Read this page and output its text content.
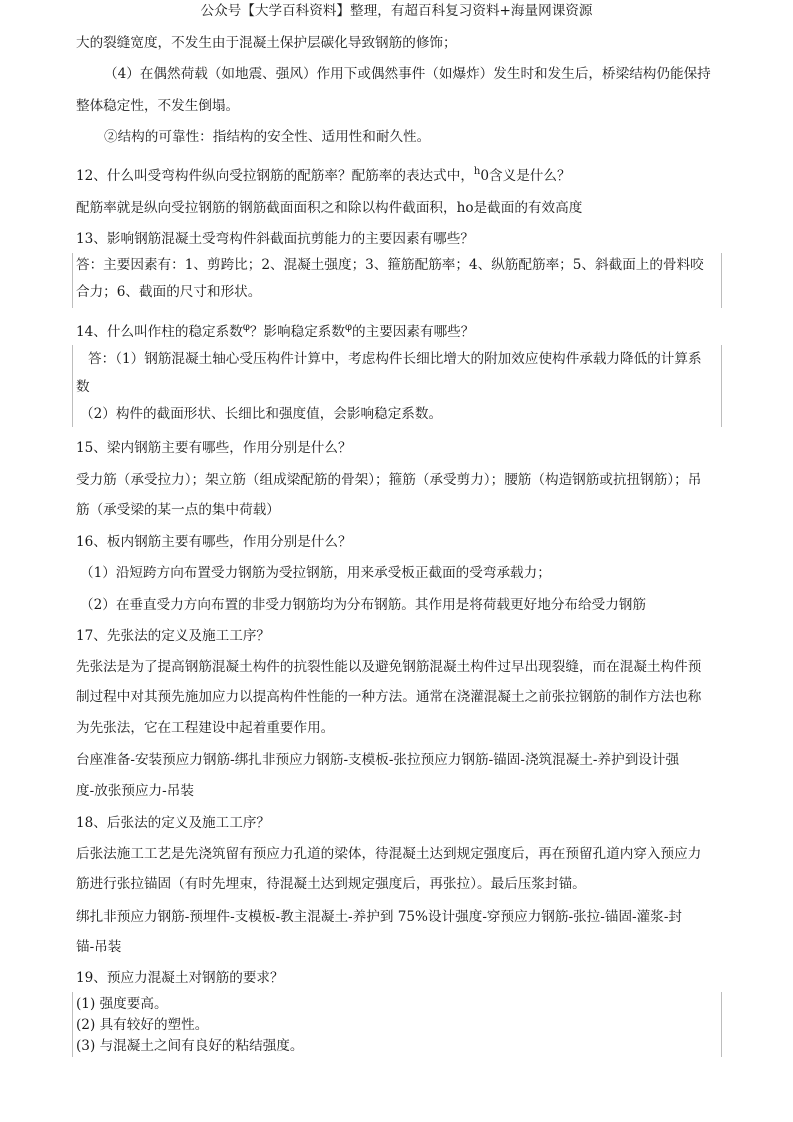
公众号【大学百科资料】整理，有超百科复习资料+海量网课资源
大的裂缝宽度，不发生由于混凝土保护层碳化导致钢筋的修饰；
（4）在偶然荷载（如地震、强风）作用下或偶然事件（如爆炸）发生时和发生后，桥梁结构仍能保持
整体稳定性，不发生倒塌。
②结构的可靠性：指结构的安全性、适用性和耐久性。
12、什么叫受弯构件纵向受拉钢筋的配筋率？配筋率的表达式中，$^h$0含义是什么？
配筋率就是纵向受拉钢筋的钢筋截面面积之和除以构件截面积，ho是截面的有效高度
13、影响钢筋混凝土受弯构件斜截面抗剪能力的主要因素有哪些？
答：主要因素有：1、剪跨比；2、混凝土强度；3、箍筋配筋率；4、纵筋配筋率；5、斜截面上的骨料咬
合力；6、截面的尺寸和形状。
14、什么叫作柱的稳定系数$^\varphi$？影响稳定系数$^\varphi$的主要因素有哪些？
答：（1）钢筋混凝土轴心受压构件计算中，考虑构件长细比增大的附加效应使构件承载力降低的计算系
数
（2）构件的截面形状、长细比和强度值，会影响稳定系数。
15、梁内钢筋主要有哪些，作用分别是什么？
受力筋（承受拉力）；架立筋（组成梁配筋的骨架）；箍筋（承受剪力）；腰筋（构造钢筋或抗扭钢筋）；吊
筋（承受梁的某一点的集中荷载）
16、板内钢筋主要有哪些，作用分别是什么？
（1）沿短跨方向布置受力钢筋为受拉钢筋，用来承受板正截面的受弯承载力；
（2）在垂直受力方向布置的非受力钢筋均为分布钢筋。其作用是将荷载更好地分布给受力钢筋
17、先张法的定义及施工工序？
先张法是为了提高钢筋混凝土构件的抗裂性能以及避免钢筋混凝土构件过早出现裂缝，而在混凝土构件预
制过程中对其预先施加应力以提高构件性能的一种方法。通常在浇灌混凝土之前张拉钢筋的制作方法也称
为先张法，它在工程建设中起着重要作用。
台座准备-安装预应力钢筋-绑扎非预应力钢筋-支模板-张拉预应力钢筋-锚固-浇筑混凝土-养护到设计强
度-放张预应力-吊装
18、后张法的定义及施工工序？
后张法施工工艺是先浇筑留有预应力孔道的梁体，待混凝土达到规定强度后，再在预留孔道内穿入预应力
筋进行张拉锚固（有时先埋束，待混凝土达到规定强度后，再张拉）。最后压浆封锚。
绑扎非预应力钢筋-预埋件-支模板-教主混凝土-养护到 75%设计强度-穿预应力钢筋-张拉-锚固-灌浆-封
锚-吊装
19、预应力混凝土对钢筋的要求？
(1) 强度要高。
(2) 具有较好的塑性。
(3) 与混凝土之间有良好的粘结强度。
